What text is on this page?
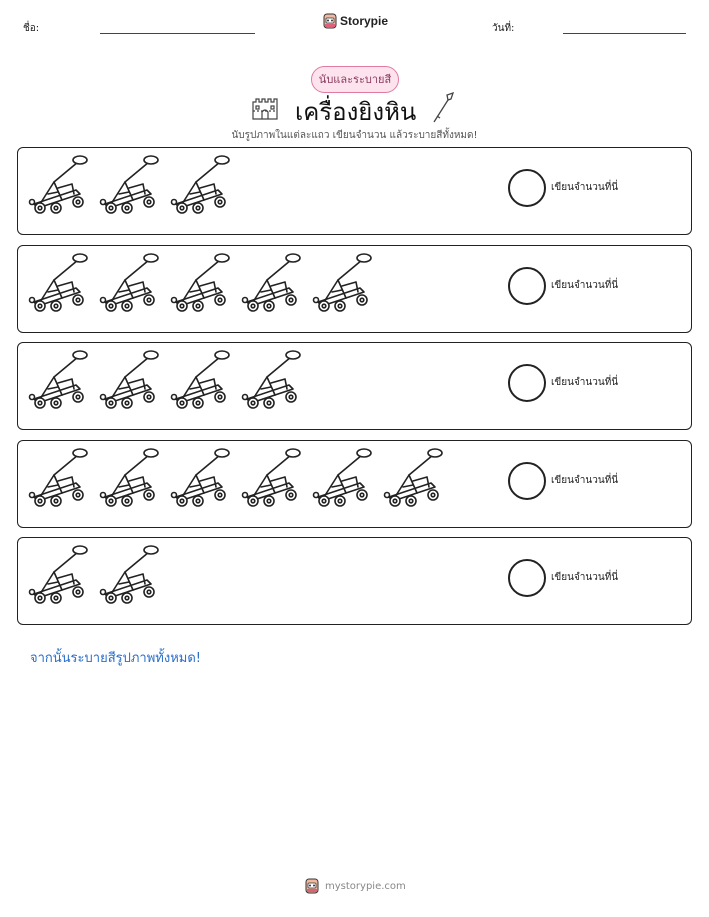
ชื่อ:
Storypie
วันที่:
นับและระบายสี
เครื่องยิงหิน
นับรูปภาพในแต่ละแถว เขียนจำนวน แล้วระบายสีทั้งหมด!
เขียนจำนวนที่นี่
เขียนจำนวนที่นี่
เขียนจำนวนที่นี่
เขียนจำนวนที่นี่
เขียนจำนวนที่นี่
จากนั้นระบายสีรูปภาพทั้งหมด!
mystorypie.com
